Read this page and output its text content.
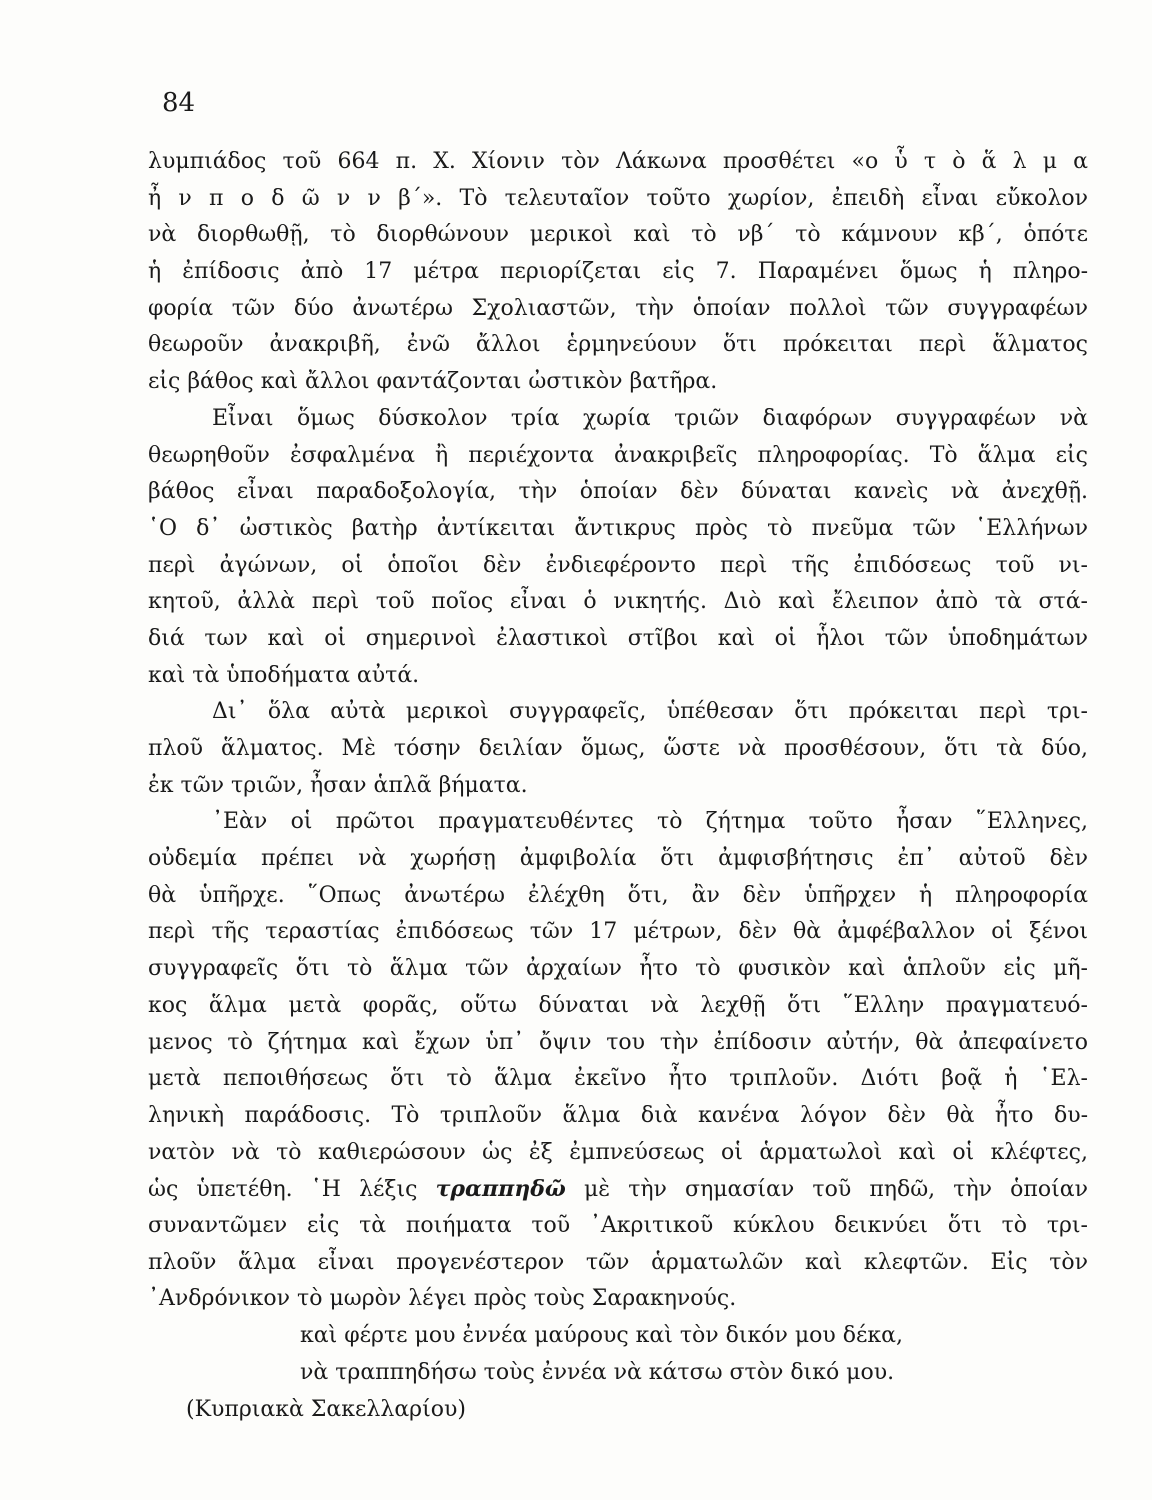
84
λυμπιάδος τοῦ 664 π. Χ. Χίονιν τὸν Λάκωνα προσθέτει «ο ὗ τ ὸ ἅ λ μ α
ἦ ν π ο δ ῶ ν ν β΄». Τὸ τελευταῖον τοῦτο χωρίον, ἐπειδὴ εἶναι εὔκολον
νὰ διορθωθῇ, τὸ διορθώνουν μερικοὶ καὶ τὸ νβ΄ τὸ κάμνουν κβ΄, ὁπότε
ἡ ἐπίδοσις ἀπὸ 17 μέτρα περιορίζεται εἰς 7. Παραμένει ὅμως ἡ πληρο-
φορία τῶν δύο ἀνωτέρω Σχολιαστῶν, τὴν ὁποίαν πολλοὶ τῶν συγγραφέων
θεωροῦν ἀνακριβῆ, ἐνῶ ἄλλοι ἑρμηνεύουν ὅτι πρόκειται περὶ ἅλματος
εἰς βάθος καὶ ἄλλοι φαντάζονται ὠστικὸν βατῆρα.
Εἶναι ὅμως δύσκολον τρία χωρία τριῶν διαφόρων συγγραφέων νὰ
θεωρηθοῦν ἐσφαλμένα ἢ περιέχοντα ἀνακριβεῖς πληροφορίας. Τὸ ἅλμα εἰς
βάθος εἶναι παραδοξολογία, τὴν ὁποίαν δὲν δύναται κανεὶς νὰ ἀνεχθῇ.
῾Ο δ᾽ ὠστικὸς βατὴρ ἀντίκειται ἄντικρυς πρὸς τὸ πνεῦμα τῶν ῾Ελλήνων
περὶ ἀγώνων, οἱ ὁποῖοι δὲν ἐνδιεφέροντο περὶ τῆς ἐπιδόσεως τοῦ νι-
κητοῦ, ἀλλὰ περὶ τοῦ ποῖος εἶναι ὁ νικητής. Διὸ καὶ ἔλειπον ἀπὸ τὰ στά-
διά των καὶ οἱ σημερινοὶ ἐλαστικοὶ στῖβοι καὶ οἱ ἧλοι τῶν ὑποδημάτων
καὶ τὰ ὑποδήματα αὐτά.
Δι᾽ ὅλα αὐτὰ μερικοὶ συγγραφεῖς, ὑπέθεσαν ὅτι πρόκειται περὶ τρι-
πλοῦ ἅλματος. Μὲ τόσην δειλίαν ὅμως, ὥστε νὰ προσθέσουν, ὅτι τὰ δύο,
ἐκ τῶν τριῶν, ἦσαν ἁπλᾶ βήματα.
᾽Εὰν οἱ πρῶτοι πραγματευθέντες τὸ ζήτημα τοῦτο ἦσαν ῞Ελληνες,
οὐδεμία πρέπει νὰ χωρήσῃ ἀμφιβολία ὅτι ἀμφισβήτησις ἐπ᾽ αὐτοῦ δὲν
θὰ ὑπῆρχε. ῞Οπως ἀνωτέρω ἐλέχθη ὅτι, ἂν δὲν ὑπῆρχεν ἡ πληροφορία
περὶ τῆς τεραστίας ἐπιδόσεως τῶν 17 μέτρων, δὲν θὰ ἀμφέβαλλον οἱ ξένοι
συγγραφεῖς ὅτι τὸ ἅλμα τῶν ἀρχαίων ἦτο τὸ φυσικὸν καὶ ἁπλοῦν εἰς μῆ-
κος ἅλμα μετὰ φορᾶς, οὕτω δύναται νὰ λεχθῇ ὅτι ῞Ελλην πραγματευό-
μενος τὸ ζήτημα καὶ ἔχων ὑπ᾽ ὄψιν του τὴν ἐπίδοσιν αὐτήν, θὰ ἀπεφαίνετο
μετὰ πεποιθήσεως ὅτι τὸ ἅλμα ἐκεῖνο ἦτο τριπλοῦν. Διότι βοᾷ ἡ ῾Ελ-
ληνικὴ παράδοσις. Τὸ τριπλοῦν ἅλμα διὰ κανένα λόγον δὲν θὰ ἦτο δυ-
νατὸν νὰ τὸ καθιερώσουν ὡς ἐξ ἐμπνεύσεως οἱ ἁρματωλοὶ καὶ οἱ κλέφτες,
ὡς ὑπετέθη. ῾Η λέξις τραππηδῶ μὲ τὴν σημασίαν τοῦ πηδῶ, τὴν ὁποίαν
συναντῶμεν εἰς τὰ ποιήματα τοῦ ᾽Ακριτικοῦ κύκλου δεικνύει ὅτι τὸ τρι-
πλοῦν ἅλμα εἶναι προγενέστερον τῶν ἁρματωλῶν καὶ κλεφτῶν. Εἰς τὸν
᾽Ανδρόνικον τὸ μωρὸν λέγει πρὸς τοὺς Σαρακηνούς.
καὶ φέρτε μου ἐννέα μαύρους καὶ τὸν δικόν μου δέκα,
νὰ τραππηδήσω τοὺς ἐννέα νὰ κάτσω στὸν δικό μου.
(Κυπριακὰ Σακελλαρίου)
